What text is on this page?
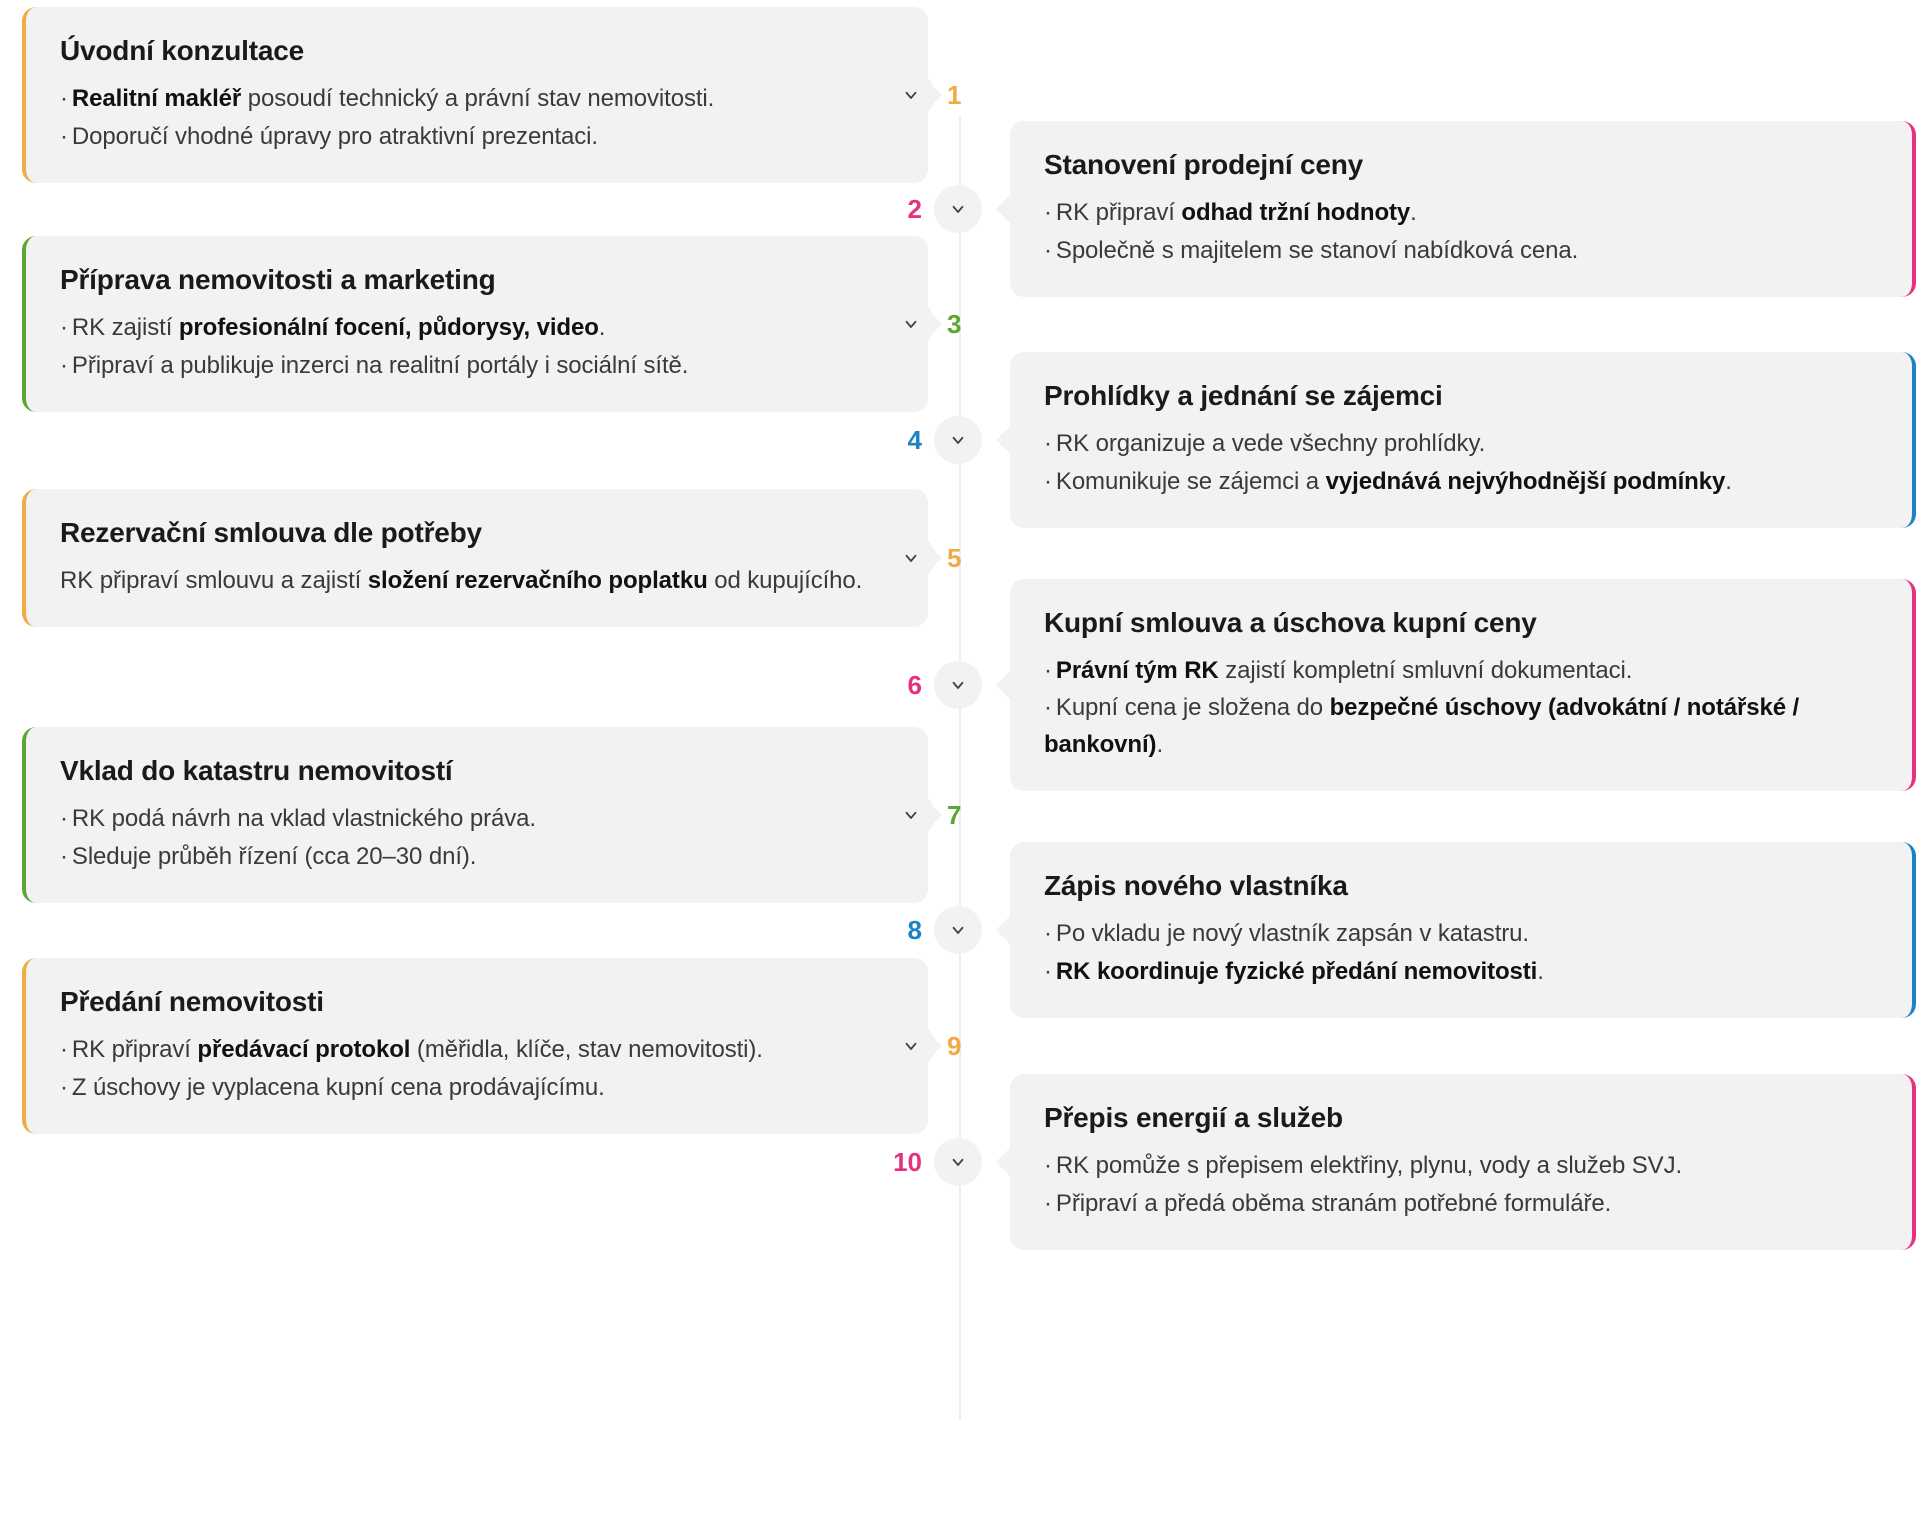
Úvodní konzultace
· Realitní makléř posoudí technický a právní stav nemovitosti.
· Doporučí vhodné úpravy pro atraktivní prezentaci.
1
Stanovení prodejní ceny
· RK připraví odhad tržní hodnoty.
· Společně s majitelem se stanoví nabídková cena.
2
Příprava nemovitosti a marketing
· RK zajistí profesionální focení, půdorysy, video.
· Připraví a publikuje inzerci na realitní portály i sociální sítě.
3
Prohlídky a jednání se zájemci
· RK organizuje a vede všechny prohlídky.
· Komunikuje se zájemci a vyjednává nejvýhodnější podmínky.
4
Rezervační smlouva dle potřeby
RK připraví smlouvu a zajistí složení rezervačního poplatku od kupujícího.
5
Kupní smlouva a úschova kupní ceny
· Právní tým RK zajistí kompletní smluvní dokumentaci.
· Kupní cena je složena do bezpečné úschovy (advokátní / notářské / bankovní).
6
Vklad do katastru nemovitostí
· RK podá návrh na vklad vlastnického práva.
· Sleduje průběh řízení (cca 20–30 dní).
7
Zápis nového vlastníka
· Po vkladu je nový vlastník zapsán v katastru.
· RK koordinuje fyzické předání nemovitosti.
8
Předání nemovitosti
· RK připraví předávací protokol (měřidla, klíče, stav nemovitosti).
· Z úschovy je vyplacena kupní cena prodávajícímu.
9
Přepis energií a služeb
· RK pomůže s přepisem elektřiny, plynu, vody a služeb SVJ.
· Připraví a předá oběma stranám potřebné formuláře.
10
